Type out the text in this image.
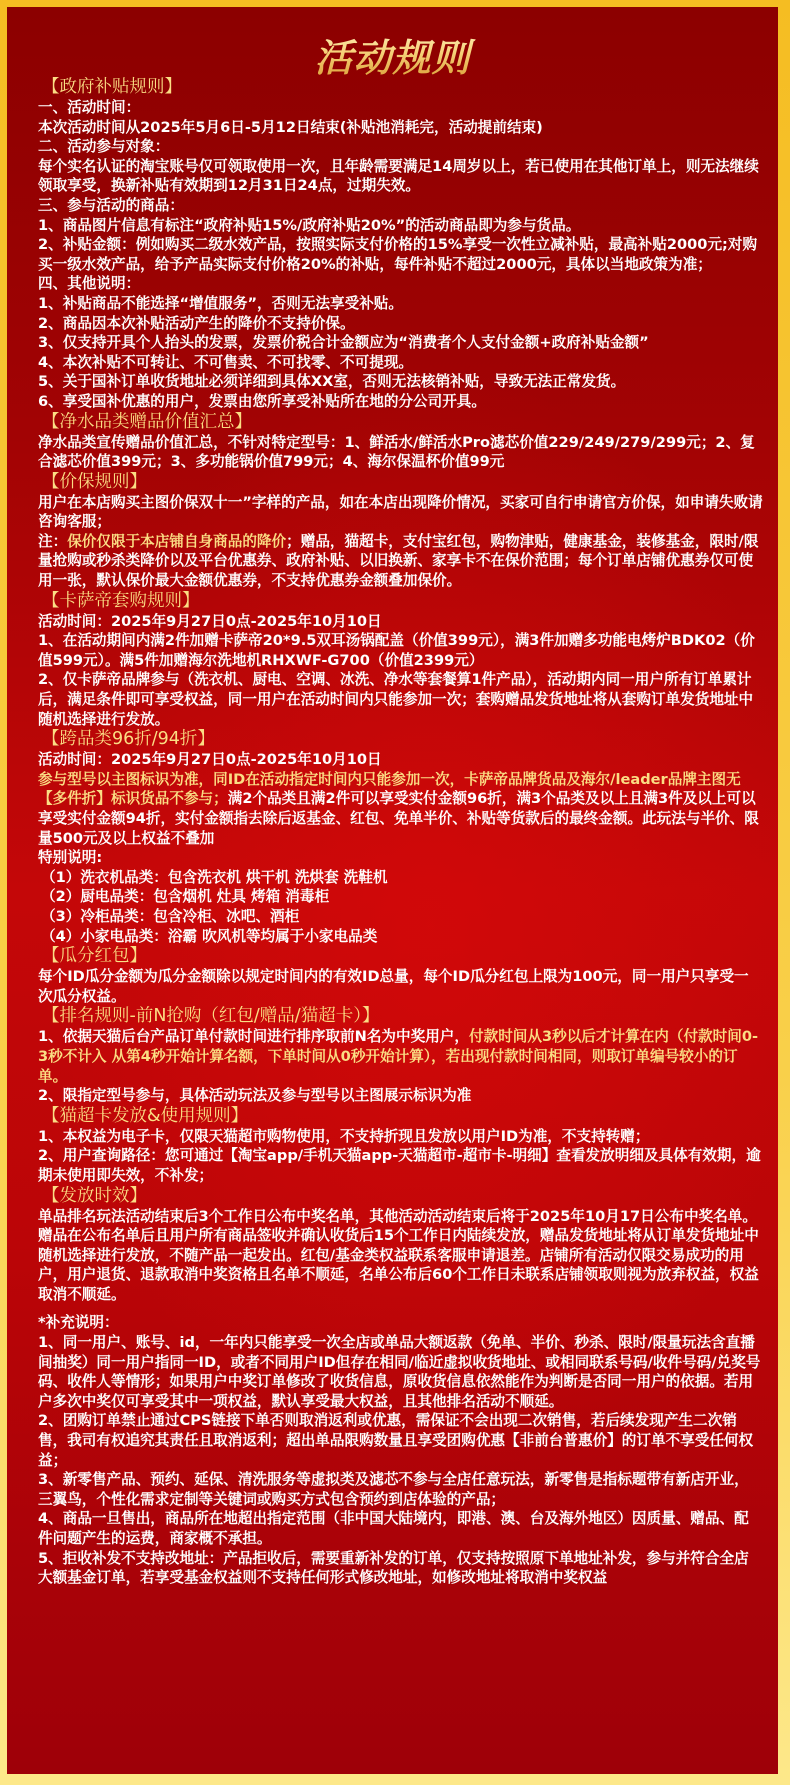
活动规则
【政府补贴规则】

一、活动时间：

本次活动时间从2025年5月6日-5月12日结束(补贴池消耗完，活动提前结束)

二、活动参与对象：

每个实名认证的淘宝账号仅可领取使用一次，且年龄需要满足14周岁以上，若已使用在其他订单上，则无法继续领取享受，换新补贴有效期到12月31日24点，过期失效。

三、参与活动的商品：

1、商品图片信息有标注“政府补贴15%/政府补贴20%”的活动商品即为参与货品。

2、补贴金额：例如购买二级水效产品，按照实际支付价格的15%享受一次性立减补贴，最高补贴2000元;对购买一级水效产品，给予产品实际支付价格20%的补贴，每件补贴不超过2000元，具体以当地政策为准；

四、其他说明：

1、补贴商品不能选择“增值服务”，否则无法享受补贴。

2、商品因本次补贴活动产生的降价不支持价保。

3、仅支持开具个人抬头的发票，发票价税合计金额应为“消费者个人支付金额+政府补贴金额”

4、本次补贴不可转让、不可售卖、不可找零、不可提现。

5、关于国补订单收货地址必须详细到具体XX室，否则无法核销补贴，导致无法正常发货。

6、享受国补优惠的用户，发票由您所享受补贴所在地的分公司开具。

【净水品类赠品价值汇总】

净水品类宣传赠品价值汇总，不针对特定型号：1、鲜活水/鲜活水Pro滤芯价值229/249/279/299元；2、复合滤芯价值399元；3、多功能锅价值799元；4、海尔保温杯价值99元

【价保规则】

用户在本店购买主图价保双十一”字样的产品，如在本店出现降价情况，买家可自行申请官方价保，如申请失败请咨询客服；

注：保价仅限于本店铺自身商品的降价；赠品，猫超卡，支付宝红包，购物津贴，健康基金，装修基金，限时/限量抢购或秒杀类降价以及平台优惠券、政府补贴、以旧换新、家享卡不在保价范围；每个订单店铺优惠券仅可使用一张，默认保价最大金额优惠券，不支持优惠券金额叠加保价。

【卡萨帝套购规则】

活动时间：2025年9月27日0点-2025年10月10日

1、在活动期间内满2件加赠卡萨帝20*9.5双耳汤锅配盖（价值399元），满3件加赠多功能电烤炉BDK02（价值599元）。满5件加赠海尔洗地机RHXWF-G700（价值2399元）

2、仅卡萨帝品牌参与（洗衣机、厨电、空调、冰洗、净水等套餐算1件产品），活动期内同一用户所有订单累计后，满足条件即可享受权益，同一用户在活动时间内只能参加一次；套购赠品发货地址将从套购订单发货地址中随机选择进行发放。

【跨品类96折/94折】

活动时间：2025年9月27日0点-2025年10月10日

参与型号以主图标识为准，同ID在活动指定时间内只能参加一次，卡萨帝品牌货品及海尔/leader品牌主图无【多件折】标识货品不参与；满2个品类且满2件可以享受实付金额96折，满3个品类及以上且满3件及以上可以享受实付金额94折，实付金额指去除后返基金、红包、免单半价、补贴等货款后的最终金额。此玩法与半价、限量500元及以上权益不叠加

特别说明:

（1）洗衣机品类：包含洗衣机 烘干机 洗烘套 洗鞋机

（2）厨电品类：包含烟机 灶具 烤箱 消毒柜

（3）冷柜品类：包含冷柜、冰吧、酒柜

（4）小家电品类：浴霸 吹风机等均属于小家电品类

【瓜分红包】

每个ID瓜分金额为瓜分金额除以规定时间内的有效ID总量，每个ID瓜分红包上限为100元，同一用户只享受一次瓜分权益。

【排名规则-前N抢购（红包/赠品/猫超卡）】

1、依据天猫后台产品订单付款时间进行排序取前N名为中奖用户，付款时间从3秒以后才计算在内（付款时间0-3秒不计入 从第4秒开始计算名额，下单时间从0秒开始计算），若出现付款时间相同，则取订单编号较小的订单。

2、限指定型号参与，具体活动玩法及参与型号以主图展示标识为准

【猫超卡发放&使用规则】

1、本权益为电子卡，仅限天猫超市购物使用，不支持折现且发放以用户ID为准，不支持转赠；

2、用户查询路径：您可通过【淘宝app/手机天猫app-天猫超市-超市卡-明细】查看发放明细及具体有效期，逾期未使用即失效，不补发；

【发放时效】

单品排名玩法活动结束后3个工作日公布中奖名单，其他活动活动结束后将于2025年10月17日公布中奖名单。赠品在公布名单后且用户所有商品签收并确认收货后15个工作日内陆续发放，赠品发货地址将从订单发货地址中随机选择进行发放，不随产品一起发出。红包/基金类权益联系客服申请退差。店铺所有活动仅限交易成功的用户，用户退货、退款取消中奖资格且名单不顺延，名单公布后60个工作日未联系店铺领取则视为放弃权益，权益取消不顺延。

*补充说明：

1、同一用户、账号、id，一年内只能享受一次全店或单品大额返款（免单、半价、秒杀、限时/限量玩法含直播间抽奖）同一用户指同一ID，或者不同用户ID但存在相同/临近虚拟收货地址、或相同联系号码/收件号码/兑奖号码、收件人等情形；如果用户中奖订单修改了收货信息，原收货信息依然能作为判断是否同一用户的依据。若用户多次中奖仅可享受其中一项权益，默认享受最大权益，且其他排名活动不顺延。

2、团购订单禁止通过CPS链接下单否则取消返利或优惠，需保证不会出现二次销售，若后续发现产生二次销售，我司有权追究其责任且取消返利；超出单品限购数量且享受团购优惠【非前台普惠价】的订单不享受任何权益；

3、新零售产品、预约、延保、清洗服务等虚拟类及滤芯不参与全店任意玩法，新零售是指标题带有新店开业，三翼鸟，个性化需求定制等关键词或购买方式包含预约到店体验的产品；

4、商品一旦售出，商品所在地超出指定范围（非中国大陆境内，即港、澳、台及海外地区）因质量、赠品、配件问题产生的运费，商家概不承担。

5、拒收补发不支持改地址：产品拒收后，需要重新补发的订单，仅支持按照原下单地址补发，参与并符合全店大额基金订单，若享受基金权益则不支持任何形式修改地址，如修改地址将取消中奖权益
